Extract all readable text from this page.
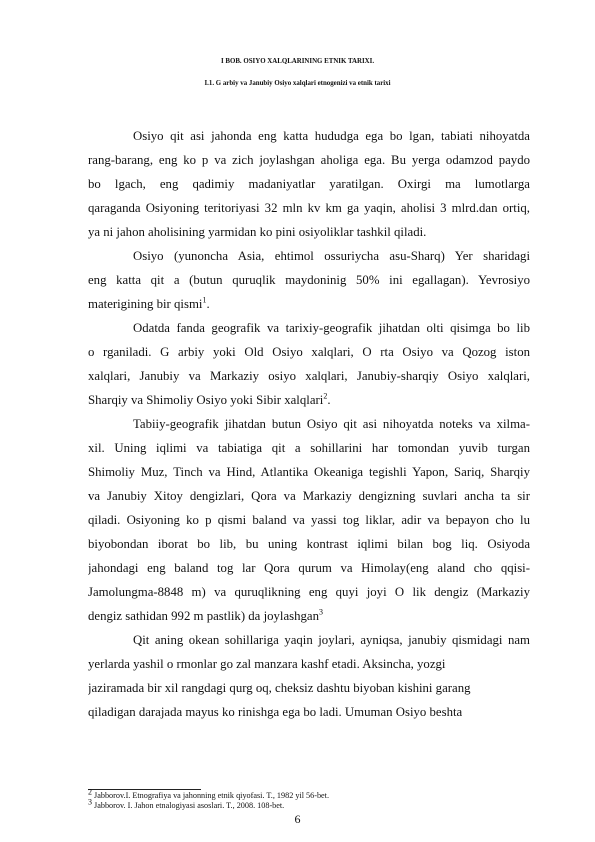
I BOB. OSIYO XALQLARINING ETNIK TARIXI.
I.1. G arbiy va Janubiy Osiyo xalqlari etnogenizi va etnik tarixi
Osiyo qit asi jahonda eng katta hududga ega bo lgan, tabiati nihoyatda
rang-barang, eng ko p va zich joylashgan aholiga ega. Bu yerga odamzod paydo
bo lgach, eng qadimiy madaniyatlar yaratilgan. Oxirgi ma lumotlarga
qaraganda Osiyoning teritoriyasi 32 mln kv km ga yaqin, aholisi 3 mlrd.dan ortiq,
ya ni jahon aholisining yarmidan ko pini osiyoliklar tashkil qiladi.
Osiyo (yunoncha Asia, ehtimol ossuriycha asu-Sharq) Yer sharidagi
eng katta qit a (butun quruqlik maydoninig 50% ini egallagan). Yevrosiyo
materigining bir qismi$^1$.
Odatda fanda geografik va tarixiy-geografik jihatdan olti qisimga bo lib
o rganiladi. G arbiy yoki Old Osiyo xalqlari, O rta Osiyo va Qozog iston
xalqlari, Janubiy va Markaziy osiyo xalqlari, Janubiy-sharqiy Osiyo xalqlari,
Sharqiy va Shimoliy Osiyo yoki Sibir xalqlari$^2$.
Tabiiy-geografik jihatdan butun Osiyo qit asi nihoyatda noteks va xilma-
xil. Uning iqlimi va tabiatiga qit a sohillarini har tomondan yuvib turgan
Shimoliy Muz, Tinch va Hind, Atlantika Okeaniga tegishli Yapon, Sariq, Sharqiy
va Janubiy Xitoy dengizlari, Qora va Markaziy dengizning suvlari ancha ta sir
qiladi. Osiyoning ko p qismi baland va yassi tog liklar, adir va bepayon cho lu
biyobondan iborat bo lib, bu uning kontrast iqlimi bilan bog liq. Osiyoda
jahondagi eng baland tog lar Qora qurum va Himolay(eng aland cho qqisi-
Jamolungma-8848 m) va quruqlikning eng quyi joyi O lik dengiz (Markaziy
dengiz sathidan 992 m pastlik) da joylashgan$^3$
Qit aning okean sohillariga yaqin joylari, ayniqsa, janubiy qismidagi nam
yerlarda yashil o rmonlar go zal manzara kashf etadi. Aksincha, yozgi
jaziramada bir xil rangdagi qurg oq, cheksiz dashtu biyoban kishini garang
qiladigan darajada mayus ko rinishga ega bo ladi. Umuman Osiyo beshta
$^2$ Jabborov.I. Etnografiya va jahonning etnik qiyofasi. T., 1982 yil 56-bet.
$^3$ Jabborov. I. Jahon etnalogiyasi asoslari. T., 2008. 108-bet.
6
